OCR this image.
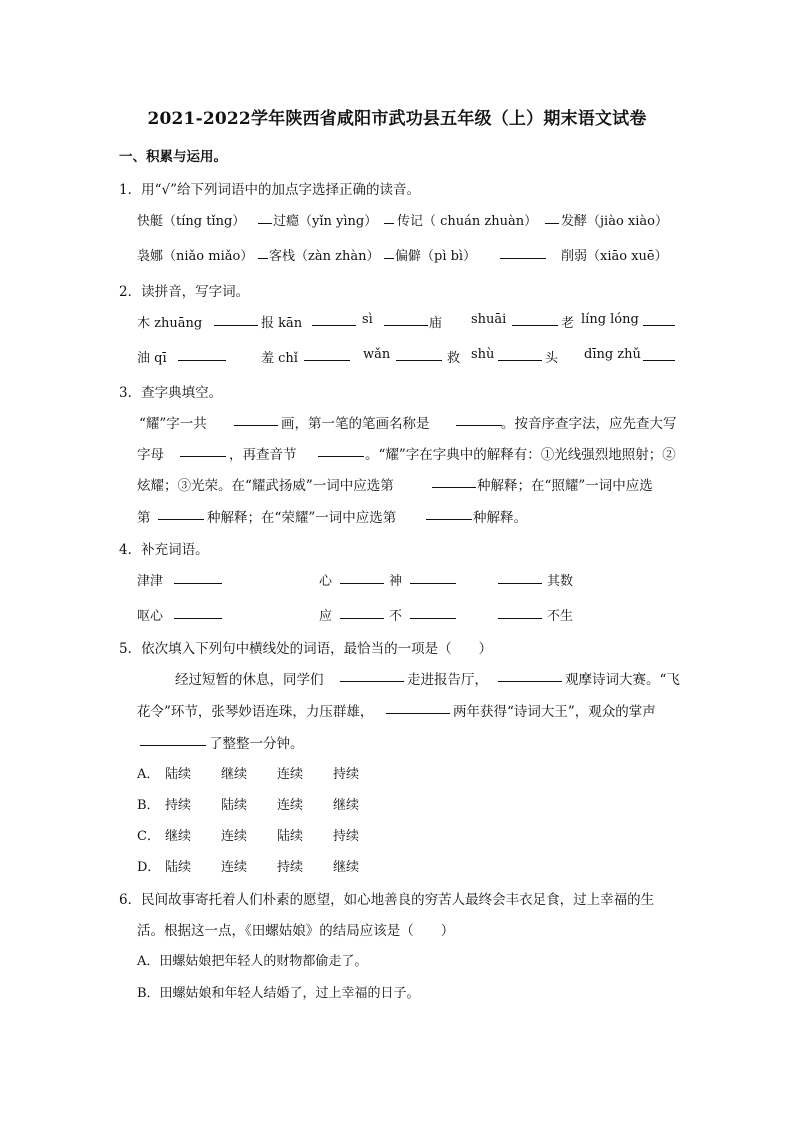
2021-2022学年陕西省咸阳市武功县五年级（上）期末语文试卷
一、积累与运用。
1．用“√”给下列词语中的加点字选择正确的读音。
快艇（tíng tǐng） 过瘾（yǐn yìng） 传记（ chuán zhuàn） 发酵（jiào xiào）
袅娜（niǎo miǎo） 客栈（zàn zhàn） 偏僻（pì bì）	削弱（xiāo xuē）
2．读拼音，写字词。
木 zhuāng	报 kān	sì	庙 shuāi	老 líng lóng
油 qī	羞 chǐ	wǎn	救 shù	头 dīng zhǔ
3．查字典填空。
“耀”字一共	画，第一笔的笔画名称是	。按音序查字法，应先查大写
字母	，再查音节	。“耀”字在字典中的解释有：①光线强烈地照射；②
炫耀；③光荣。在“耀武扬威”一词中应选第	种解释；在“照耀”一词中应选
第	种解释；在“荣耀”一词中应选第	种解释。
4．补充词语。
津津	心	神	其数
呕心	应	不	不生
5．依次填入下列句中横线处的词语，最恰当的一项是（　　）
经过短暂的休息，同学们	走进报告厅，	观摩诗词大赛。“飞
花令”环节，张琴妙语连珠，力压群雄，	两年获得“诗词大王”，观众的掌声
了整整一分钟。
A． 陆续 继续 连续 持续
B． 持续 陆续 连续 继续
C． 继续 连续 陆续 持续
D． 陆续 连续 持续 继续
6．民间故事寄托着人们朴素的愿望，如心地善良的穷苦人最终会丰衣足食，过上幸福的生
活。根据这一点，《田螺姑娘》的结局应该是（　　）
A．田螺姑娘把年轻人的财物都偷走了。
B．田螺姑娘和年轻人结婚了，过上幸福的日子。
